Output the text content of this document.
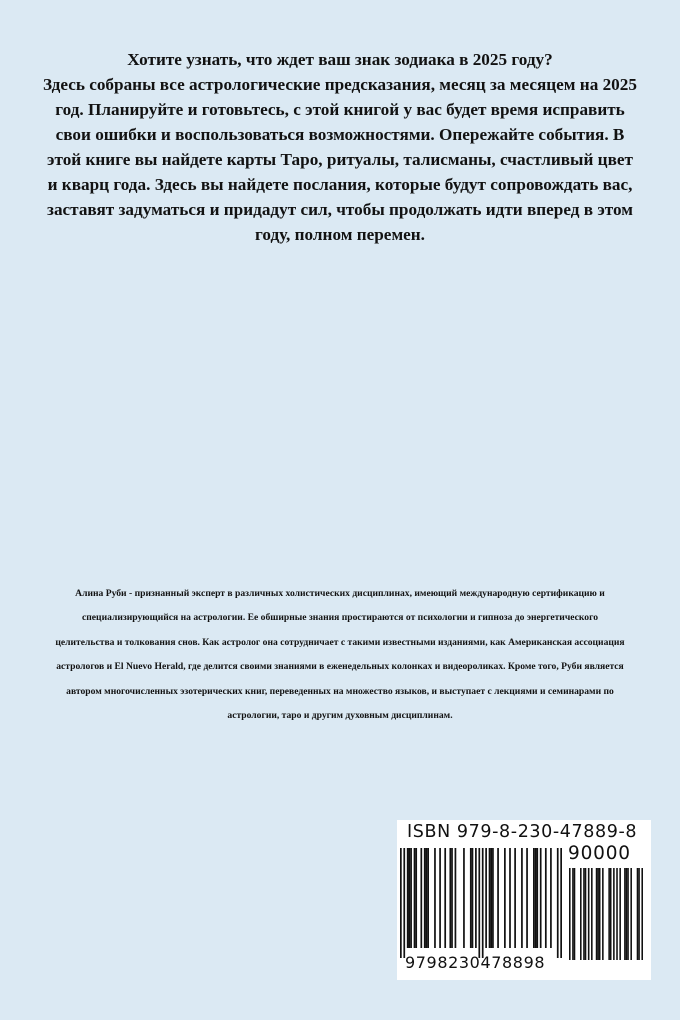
Хотите узнать, что ждет ваш знак зодиака в 2025 году?

Здесь собраны все астрологические предсказания, месяц за месяцем на 2025 год. Планируйте и готовьтесь, с этой книгой у вас будет время исправить свои ошибки и воспользоваться возможностями. Опережайте события. В этой книге вы найдете карты Таро, ритуалы, талисманы, счастливый цвет и кварц года. Здесь вы найдете послания, которые будут сопровождать вас, заставят задуматься и придадут сил, чтобы продолжать идти вперед в этом году, полном перемен.

Алина Руби - признанный эксперт в различных холистических дисциплинах, имеющий международную сертификацию и специализирующийся на астрологии. Ее обширные знания простираются от психологии и гипноза до энергетического целительства и толкования снов. Как астролог она сотрудничает с такими известными изданиями, как Американская ассоциация астрологов и El Nuevo Herald, где делится своими знаниями в еженедельных колонках и видеороликах. Кроме того, Руби является автором многочисленных эзотерических книг, переведенных на множество языков, и выступает с лекциями и семинарами по астрологии, таро и другим духовным дисциплинам.
ISBN 979-8-230-47889-8
90000
9798230478898
